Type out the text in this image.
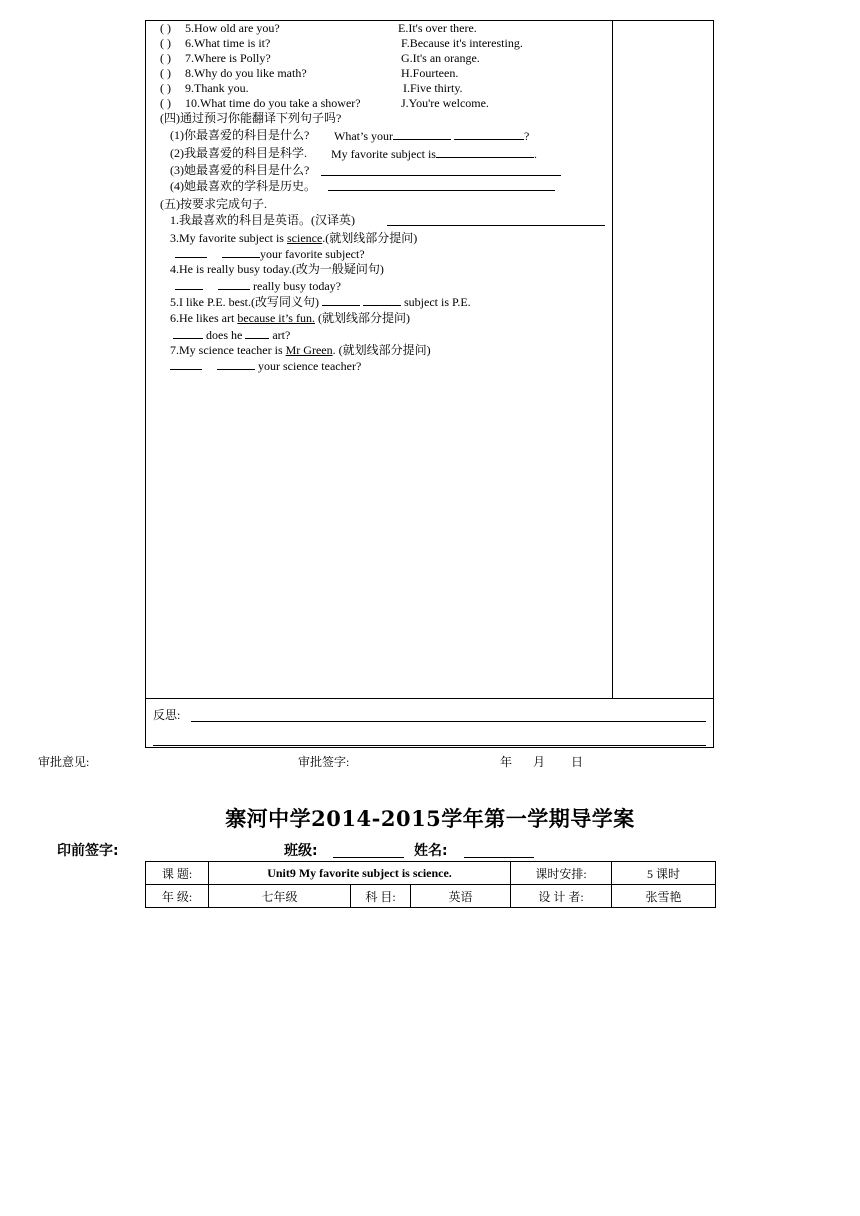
( ) 5.How old are you?	E.It's over there.
( ) 6.What time is it?	F.Because it's interesting.
( ) 7.Where is Polly?	G.It's an orange.
( ) 8.Why do you like math?	H.Fourteen.
( ) 9.Thank you.	I.Five thirty.
( ) 10.What time do you take a shower?	J.You're welcome.
(四)通过预习你能翻译下列句子吗?
(1)你最喜爱的科目是什么? What’s your	?
(2)我最喜爱的科目是科学. My favorite subject is	.
(3)她最喜爱的科目是什么?
(4)她最喜欢的学科是历史。
(五)按要求完成句子.
1.我最喜欢的科目是英语。(汉译英)
3.My favorite subject is science.(就划线部分提问)
your favorite subject?
4.He is really busy today.(改为一般疑问句)
really busy today?
5.I like P.E. best.(改写同义句)	subject is P.E.
6.He likes art because it’s fun. (就划线部分提问)
does he	art?
7.My science teacher is Mr Green. (就划线部分提问)
your science teacher?
反思:
审批意见:	审批签字:	年 月 日
寨河中学2014-2015学年第一学期导学案
印前签字:	班级:	姓名:
课 题:	Unit9 My favorite subject is science.			课时安排:	5 课时
年 级:	七年级	科 目:	英语	设 计 者:	张雪艳
